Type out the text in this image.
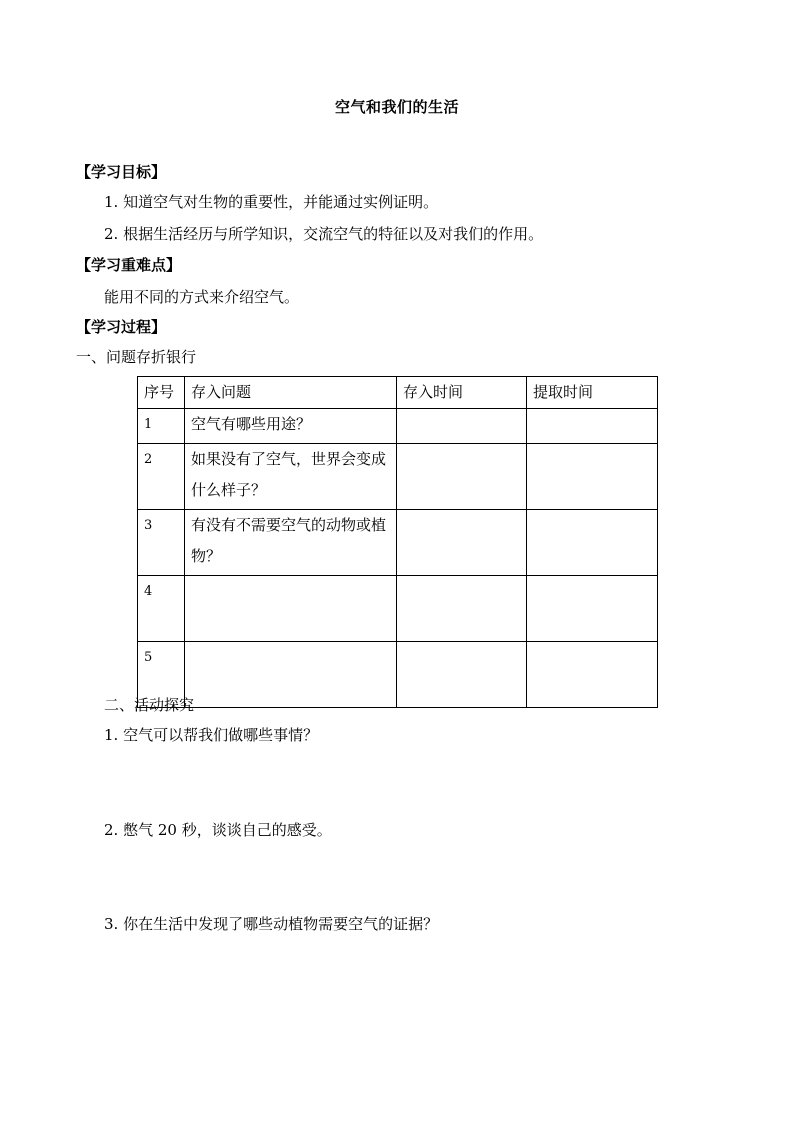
空气和我们的生活
【学习目标】
1. 知道空气对生物的重要性，并能通过实例证明。
2. 根据生活经历与所学知识，交流空气的特征以及对我们的作用。
【学习重难点】
能用不同的方式来介绍空气。
【学习过程】
一、问题存折银行
序号	存入问题	存入时间	提取时间
1	空气有哪些用途？		
2	如果没有了空气，世界会变成什么样子？		
3	有没有不需要空气的动物或植物？		
4			
5			
二、活动探究
1. 空气可以帮我们做哪些事情？
2. 憋气 20 秒，谈谈自己的感受。
3. 你在生活中发现了哪些动植物需要空气的证据？
